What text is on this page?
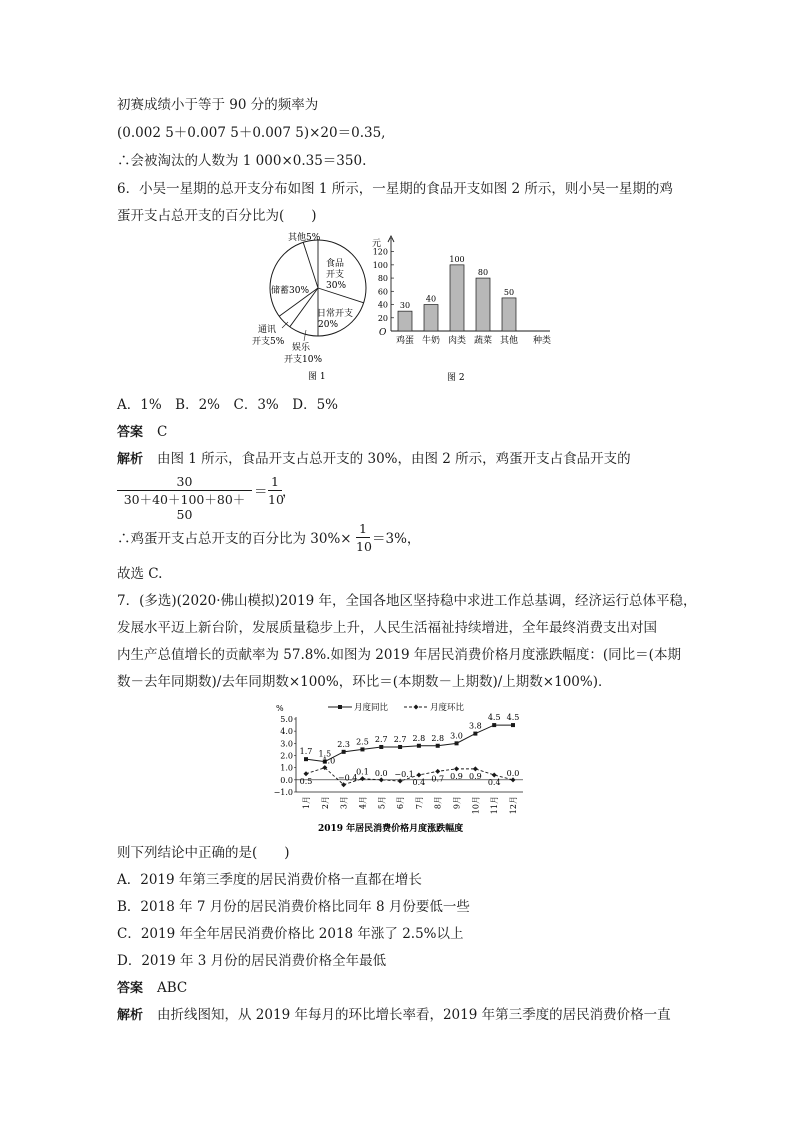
初赛成绩小于等于 90 分的频率为
(0.002 5＋0.007 5＋0.007 5)×20＝0.35,
∴会被淘汰的人数为 1 000×0.35＝350.
6．小吴一星期的总开支分布如图 1 所示，一星期的食品开支如图 2 所示，则小吴一星期的鸡
蛋开支占总开支的百分比为(　　)
其他5%
食品
开支
30%
储蓄30%
日常开支
20%
通讯
开支5%
娱乐
开支10%
图 1
元
O
种类
图 2
20
40
60
80
100
120
30
鸡蛋
40
牛奶
100
肉类
80
蔬菜
50
其他
A．1%　B．2%　C．3%　D．5%
答案 C
解析 由图 1 所示，食品开支占总开支的 30%，由图 2 所示，鸡蛋开支占食品开支的
$\frac{30}{30+40+100+80+50} = \frac{1}{10}$ ，
∴鸡蛋开支占总开支的百分比为 $30\%\times \frac{1}{10} =3\%$，
故选 C.
7．(多选)(2020·佛山模拟)2019 年，全国各地区坚持稳中求进工作总基调，经济运行总体平稳，
发展水平迈上新台阶，发展质量稳步上升，人民生活福祉持续增进，全年最终消费支出对国
内生产总值增长的贡献率为 57.8%.如图为 2019 年居民消费价格月度涨跌幅度：(同比＝(本期
数－去年同期数)/去年同期数×100%，环比＝(本期数－上期数)/上期数×100%)．
%
2019 年居民消费价格月度涨跌幅度
5.0
4.0
3.0
2.0
1.0
0.0
−1.0
1月 2月 3月 4月 5月 6月 7月 8月 9月 10月 11月 12月
1.7 1.5
2.3 2.5 2.7 2.7 2.8 2.8 3.0
3.8
4.5 4.5
0.5
1.0
−0.4
0.1 0.0 −0.1
0.4 0.7 0.9 0.9
0.4
0.0
月度同比	月度环比
则下列结论中正确的是(　　)
A．2019 年第三季度的居民消费价格一直都在增长
B．2018 年 7 月份的居民消费价格比同年 8 月份要低一些
C．2019 年全年居民消费价格比 2018 年涨了 2.5%以上
D．2019 年 3 月份的居民消费价格全年最低
答案 ABC
解析 由折线图知，从 2019 年每月的环比增长率看，2019 年第三季度的居民消费价格一直
